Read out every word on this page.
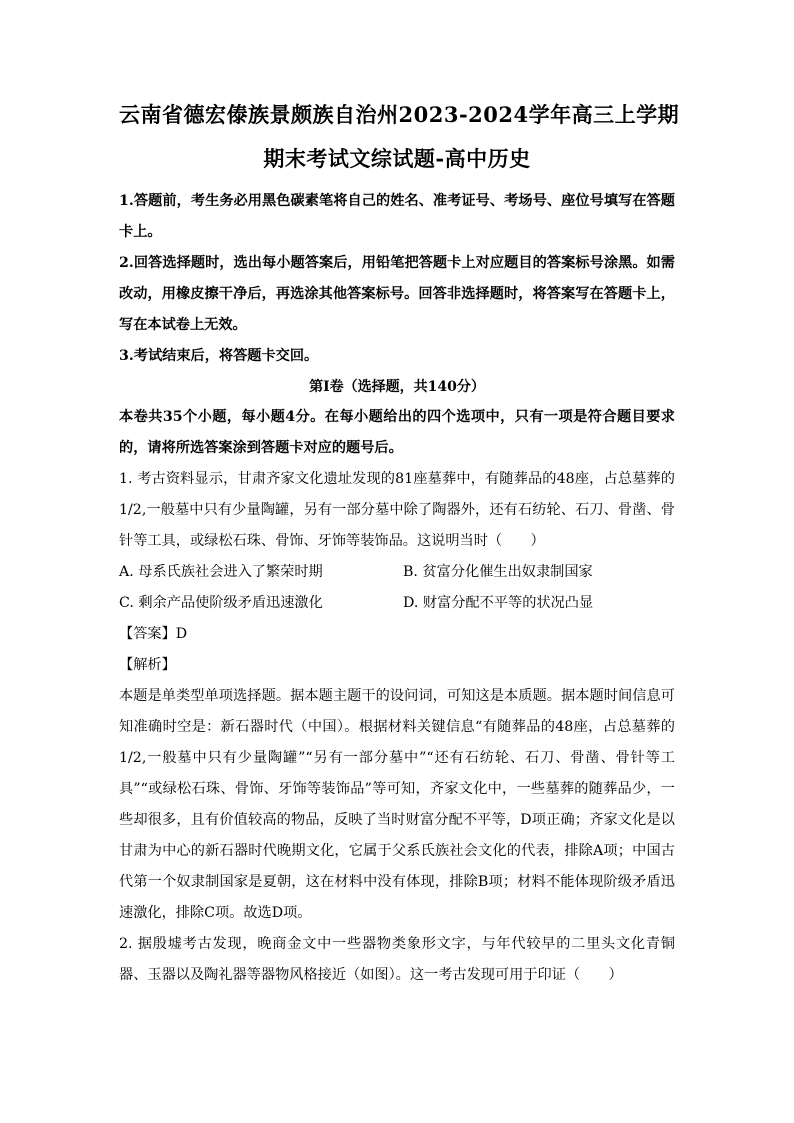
云南省德宏傣族景颇族自治州2023-2024学年高三上学期
期末考试文综试题-高中历史

1.答题前，考生务必用黑色碳素笔将自己的姓名、准考证号、考场号、座位号填写在答题卡上。

2.回答选择题时，选出每小题答案后，用铅笔把答题卡上对应题目的答案标号涂黑。如需改动，用橡皮擦干净后，再选涂其他答案标号。回答非选择题时，将答案写在答题卡上，写在本试卷上无效。

3.考试结束后，将答题卡交回。

第I卷（选择题，共140分）

本卷共35个小题，每小题4分。在每小题给出的四个选项中，只有一项是符合题目要求的，请将所选答案涂到答题卡对应的题号后。

1. 考古资料显示，甘肃齐家文化遗址发现的81座墓葬中，有随葬品的48座，占总墓葬的1/2,一般墓中只有少量陶罐，另有一部分墓中除了陶器外，还有石纺轮、石刀、骨凿、骨针等工具，或绿松石珠、骨饰、牙饰等装饰品。这说明当时（　　）

A. 母系氏族社会进入了繁荣时期	B. 贫富分化催生出奴隶制国家
C. 剩余产品使阶级矛盾迅速激化	D. 财富分配不平等的状况凸显

【答案】D

【解析】

本题是单类型单项选择题。据本题主题干的设问词，可知这是本质题。据本题时间信息可知准确时空是：新石器时代（中国）。根据材料关键信息“有随葬品的48座，占总墓葬的1/2,一般墓中只有少量陶罐”“另有一部分墓中”“还有石纺轮、石刀、骨凿、骨针等工具”“或绿松石珠、骨饰、牙饰等装饰品”等可知，齐家文化中，一些墓葬的随葬品少，一些却很多，且有价值较高的物品，反映了当时财富分配不平等，D项正确；齐家文化是以甘肃为中心的新石器时代晚期文化，它属于父系氏族社会文化的代表，排除A项；中国古代第一个奴隶制国家是夏朝，这在材料中没有体现，排除B项；材料不能体现阶级矛盾迅速激化，排除C项。故选D项。

2. 据殷墟考古发现，晚商金文中一些器物类象形文字，与年代较早的二里头文化青铜器、玉器以及陶礼器等器物风格接近（如图）。这一考古发现可用于印证（　　）
